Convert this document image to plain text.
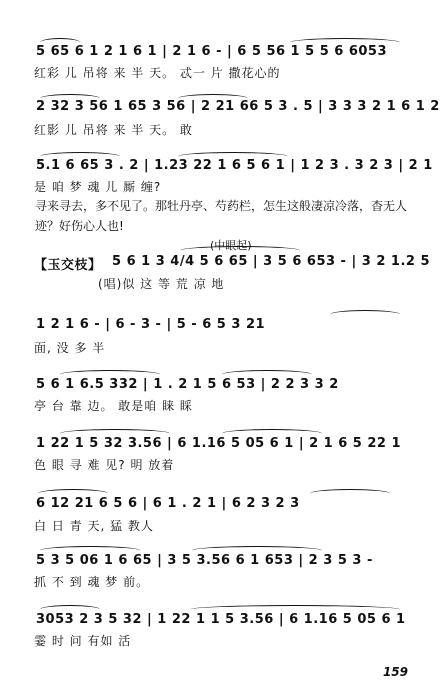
5 65 6 1 2 1 6 1 | 2 1 6 - | 6 5 56 1 5 5 6 6053
红彩 儿 吊将 来 半 天。 忒一 片 撒花心的
2 32 3 56 1 65 3 56 | 2 21 66 5 3 . 5 | 3 3 3 2 1 6 1 2
红影 儿 吊将 来 半 天。 敢
5.1 6 65 3 . 2 | 1.23 22 1 6 5 6 1 | 1 2 3 . 3 2 3 | 2 1
是 咱 梦 魂 儿 厮 缠?
寻来寻去，多不见了。那牡丹亭、芍药栏，怎生这般凄凉冷落，杳无人迹？好伤心人也!
(中眼起)
【玉交枝】 5 6 1 3 4/4 5 6 65 | 3 5 6 653 - | 3 2 1.2 5
(唱)似 这 等 荒 凉 地
1 2 1 6 - | 6 - 3 - | 5 - 6 5 3 21
面, 没 多 半
5 6 1 6.5 332 | 1 . 2 1 5 6 53 | 2 2 3 3 2
亭 台 靠 边。 敢是咱 睐 睬
1 22 1 5 32 3.56 | 6 1.16 5 05 6 1 | 2 1 6 5 22 1
色 眼 寻 难 见? 明 放着
6 12 21 6 5 6 | 6 1 . 2 1 | 6 2 3 2 3
白 日 青 天, 猛 教人
5 3 5 06 1 6 65 | 3 5 3.56 6 1 653 | 2 3 5 3 -
抓 不 到 魂 梦 前。
3053 2 3 5 32 | 1 22 1 1 5 3.56 | 6 1.16 5 05 6 1
霎 时 问 有如 活
159
